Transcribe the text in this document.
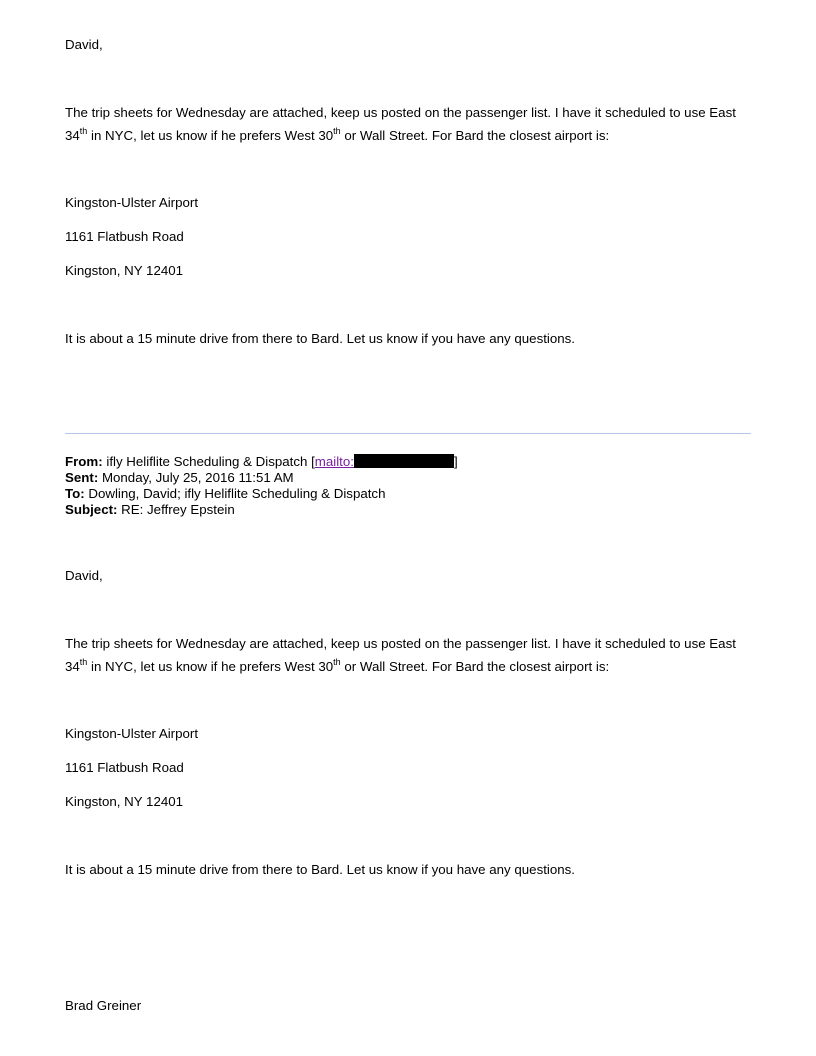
David,
The trip sheets for Wednesday are attached, keep us posted on the passenger list. I have it scheduled to use East
34th in NYC, let us know if he prefers West 30th or Wall Street. For Bard the closest airport is:
Kingston-Ulster Airport
1161 Flatbush Road
Kingston, NY 12401
It is about a 15 minute drive from there to Bard. Let us know if you have any questions.
From: ifly Heliflite Scheduling & Dispatch [mailto:	]
Sent: Monday, July 25, 2016 11:51 AM
To: Dowling, David; ifly Heliflite Scheduling & Dispatch
Subject: RE: Jeffrey Epstein
David,
The trip sheets for Wednesday are attached, keep us posted on the passenger list. I have it scheduled to use East
34th in NYC, let us know if he prefers West 30th or Wall Street. For Bard the closest airport is:
Kingston-Ulster Airport
1161 Flatbush Road
Kingston, NY 12401
It is about a 15 minute drive from there to Bard. Let us know if you have any questions.
Brad Greiner
